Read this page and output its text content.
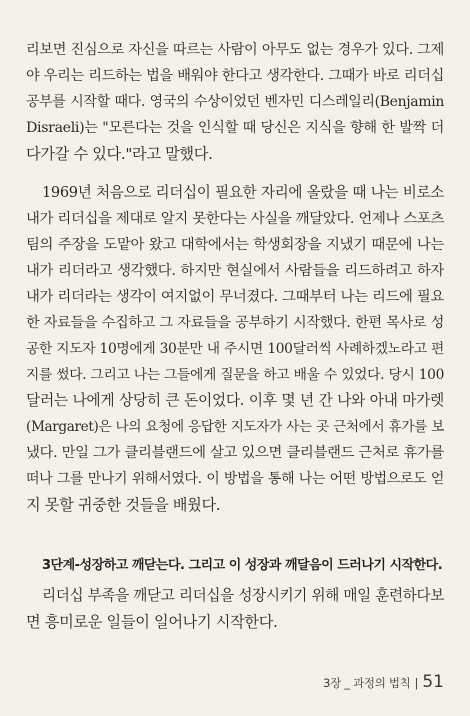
리보면 진심으로 자신을 따르는 사람이 아무도 없는 경우가 있다. 그제
야 우리는 리드하는 법을 배워야 한다고 생각한다. 그때가 바로 리더십
공부를 시작할 때다. 영국의 수상이었던 벤자민 디스레일리(Benjamin
Disraeli)는 "모른다는 것을 인식할 때 당신은 지식을 향해 한 발짝 더
다가갈 수 있다."라고 말했다.
1969년 처음으로 리더십이 필요한 자리에 올랐을 때 나는 비로소
내가 리더십을 제대로 알지 못한다는 사실을 깨달았다. 언제나 스포츠
팀의 주장을 도맡아 왔고 대학에서는 학생회장을 지냈기 때문에 나는
내가 리더라고 생각했다. 하지만 현실에서 사람들을 리드하려고 하자
내가 리더라는 생각이 여지없이 무너졌다. 그때부터 나는 리드에 필요
한 자료들을 수집하고 그 자료들을 공부하기 시작했다. 한편 목사로 성
공한 지도자 10명에게 30분만 내 주시면 100달러씩 사례하겠노라고 편
지를 썼다. 그리고 나는 그들에게 질문을 하고 배울 수 있었다. 당시 100
달러는 나에게 상당히 큰 돈이었다. 이후 몇 년 간 나와 아내 마가렛
(Margaret)은 나의 요청에 응답한 지도자가 사는 곳 근처에서 휴가를 보
냈다. 만일 그가 클리블랜드에 살고 있으면 클리블랜드 근처로 휴가를
떠나 그를 만나기 위해서였다. 이 방법을 통해 나는 어떤 방법으로도 얻
지 못할 귀중한 것들을 배웠다.
3단계-성장하고 깨닫는다. 그리고 이 성장과 깨달음이 드러나기 시작한다.
리더십 부족을 깨닫고 리더십을 성장시키기 위해 매일 훈련하다보
면 흥미로운 일들이 일어나기 시작한다.
3장 _ 과정의 법칙 | 51
